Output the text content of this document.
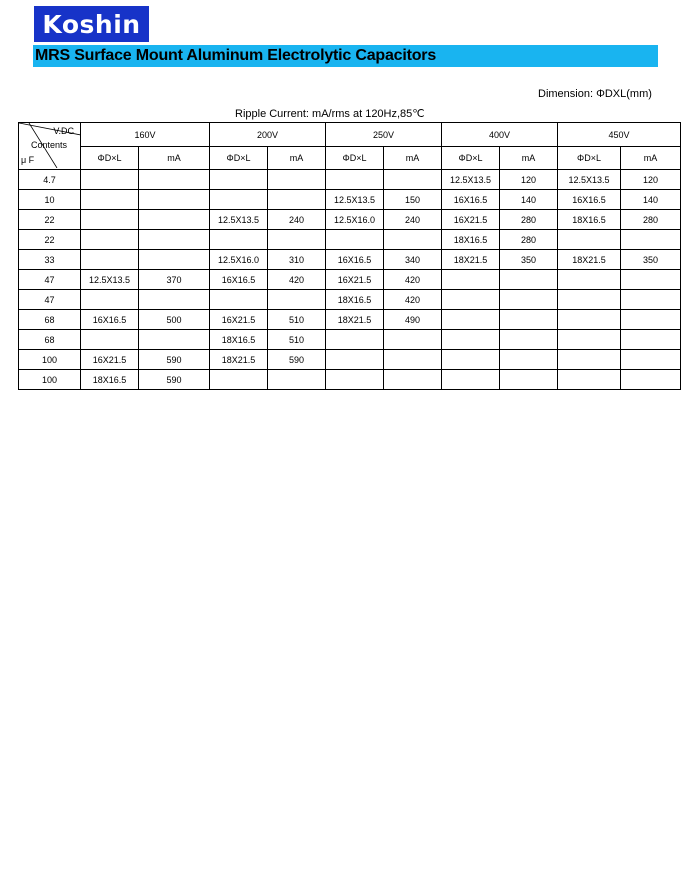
Koshin
MRS Surface Mount Aluminum Electrolytic Capacitors
Dimension: ΦDXL(mm)
Ripple Current: mA/rms at 120Hz,85℃
V.DC
Contents
μ F	160V		200V		250V		400V		450V	
	ΦD×L	mA	ΦD×L	mA	ΦD×L	mA	ΦD×L	mA	ΦD×L	mA
4.7							12.5X13.5	120	12.5X13.5	120
10					12.5X13.5	150	16X16.5	140	16X16.5	140
22			12.5X13.5	240	12.5X16.0	240	16X21.5	280	18X16.5	280
22							18X16.5	280		
33			12.5X16.0	310	16X16.5	340	18X21.5	350	18X21.5	350
47	12.5X13.5	370	16X16.5	420	16X21.5	420				
47					18X16.5	420				
68	16X16.5	500	16X21.5	510	18X21.5	490				
68			18X16.5	510						
100	16X21.5	590	18X21.5	590						
100	18X16.5	590								
